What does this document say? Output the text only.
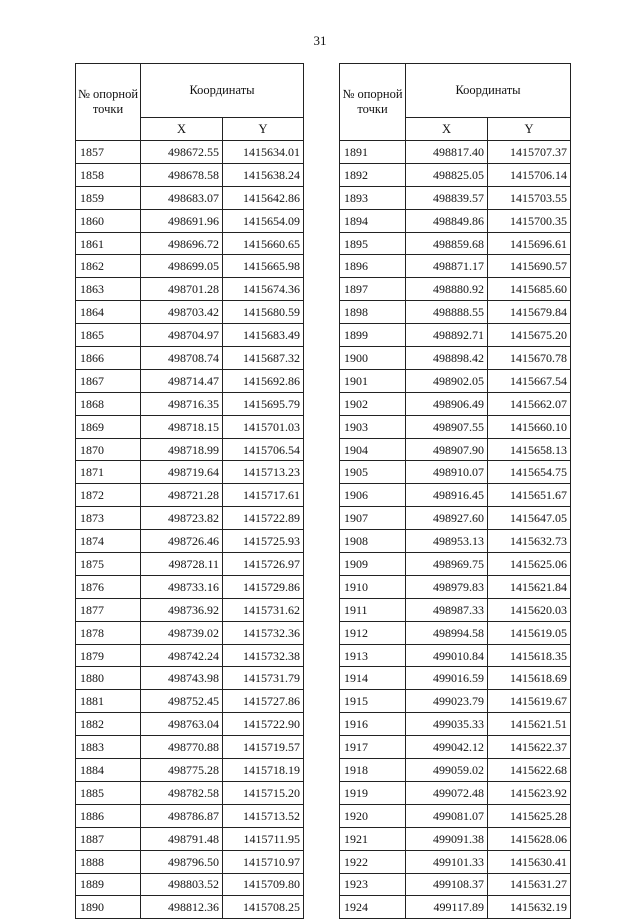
31
№ опорной точки	Координаты	
	X	Y
1857	498672.55	1415634.01
1858	498678.58	1415638.24
1859	498683.07	1415642.86
1860	498691.96	1415654.09
1861	498696.72	1415660.65
1862	498699.05	1415665.98
1863	498701.28	1415674.36
1864	498703.42	1415680.59
1865	498704.97	1415683.49
1866	498708.74	1415687.32
1867	498714.47	1415692.86
1868	498716.35	1415695.79
1869	498718.15	1415701.03
1870	498718.99	1415706.54
1871	498719.64	1415713.23
1872	498721.28	1415717.61
1873	498723.82	1415722.89
1874	498726.46	1415725.93
1875	498728.11	1415726.97
1876	498733.16	1415729.86
1877	498736.92	1415731.62
1878	498739.02	1415732.36
1879	498742.24	1415732.38
1880	498743.98	1415731.79
1881	498752.45	1415727.86
1882	498763.04	1415722.90
1883	498770.88	1415719.57
1884	498775.28	1415718.19
1885	498782.58	1415715.20
1886	498786.87	1415713.52
1887	498791.48	1415711.95
1888	498796.50	1415710.97
1889	498803.52	1415709.80
1890	498812.36	1415708.25
№ опорной точки	Координаты	
	X	Y
1891	498817.40	1415707.37
1892	498825.05	1415706.14
1893	498839.57	1415703.55
1894	498849.86	1415700.35
1895	498859.68	1415696.61
1896	498871.17	1415690.57
1897	498880.92	1415685.60
1898	498888.55	1415679.84
1899	498892.71	1415675.20
1900	498898.42	1415670.78
1901	498902.05	1415667.54
1902	498906.49	1415662.07
1903	498907.55	1415660.10
1904	498907.90	1415658.13
1905	498910.07	1415654.75
1906	498916.45	1415651.67
1907	498927.60	1415647.05
1908	498953.13	1415632.73
1909	498969.75	1415625.06
1910	498979.83	1415621.84
1911	498987.33	1415620.03
1912	498994.58	1415619.05
1913	499010.84	1415618.35
1914	499016.59	1415618.69
1915	499023.79	1415619.67
1916	499035.33	1415621.51
1917	499042.12	1415622.37
1918	499059.02	1415622.68
1919	499072.48	1415623.92
1920	499081.07	1415625.28
1921	499091.38	1415628.06
1922	499101.33	1415630.41
1923	499108.37	1415631.27
1924	499117.89	1415632.19
